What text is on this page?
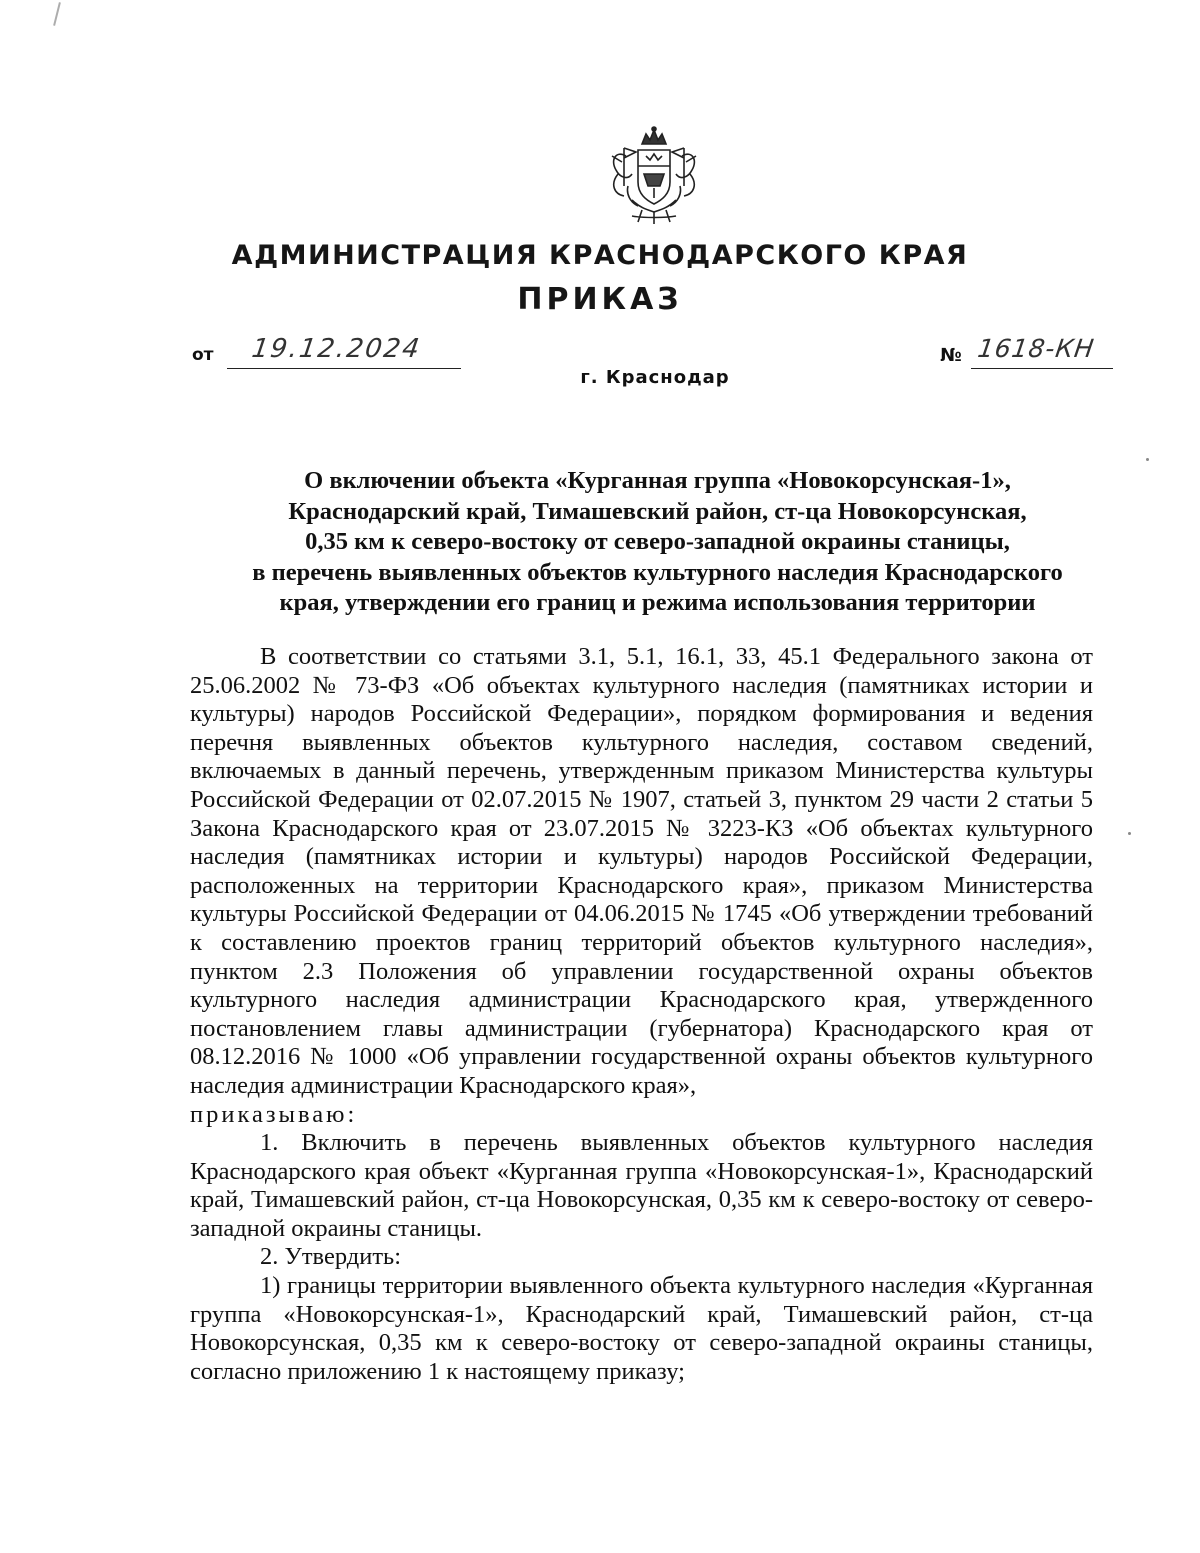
АДМИНИСТРАЦИЯ КРАСНОДАРСКОГО КРАЯ
ПРИКАЗ
от 19.12.2024	№ 1618-КН
г. Краснодар
О включении объекта «Курганная группа «Новокорсунская-1»,
Краснодарский край, Тимашевский район, ст-ца Новокорсунская,
0,35 км к северо-востоку от северо-западной окраины станицы,
в перечень выявленных объектов культурного наследия Краснодарского
края, утверждении его границ и режима использования территории

В соответствии со статьями 3.1, 5.1, 16.1, 33, 45.1 Федерального закона от 25.06.2002 № 73-ФЗ «Об объектах культурного наследия (памятниках истории и культуры) народов Российской Федерации», порядком формирования и ведения перечня выявленных объектов культурного наследия, составом сведений, включаемых в данный перечень, утвержденным приказом Министерства культуры Российской Федерации от 02.07.2015 № 1907, статьей 3, пунктом 29 части 2 статьи 5 Закона Краснодарского края от 23.07.2015 № 3223-КЗ «Об объектах культурного наследия (памятниках истории и культуры) народов Российской Федерации, расположенных на территории Краснодарского края», приказом Министерства культуры Российской Федерации от 04.06.2015 № 1745 «Об утверждении требований к составлению проектов границ территорий объектов культурного наследия», пунктом 2.3 Положения об управлении государственной охраны объектов культурного наследия администрации Краснодарского края, утвержденного постановлением главы администрации (губернатора) Краснодарского края от 08.12.2016 № 1000 «Об управлении государственной охраны объектов культурного наследия администрации Краснодарского края»,

приказываю:

1. Включить в перечень выявленных объектов культурного наследия Краснодарского края объект «Курганная группа «Новокорсунская-1», Краснодарский край, Тимашевский район, ст-ца Новокорсунская, 0,35 км к северо-востоку от северо-западной окраины станицы.

2. Утвердить:

1) границы территории выявленного объекта культурного наследия «Курганная группа «Новокорсунская-1», Краснодарский край, Тимашевский район, ст-ца Новокорсунская, 0,35 км к северо-востоку от северо-западной окраины станицы, согласно приложению 1 к настоящему приказу;
